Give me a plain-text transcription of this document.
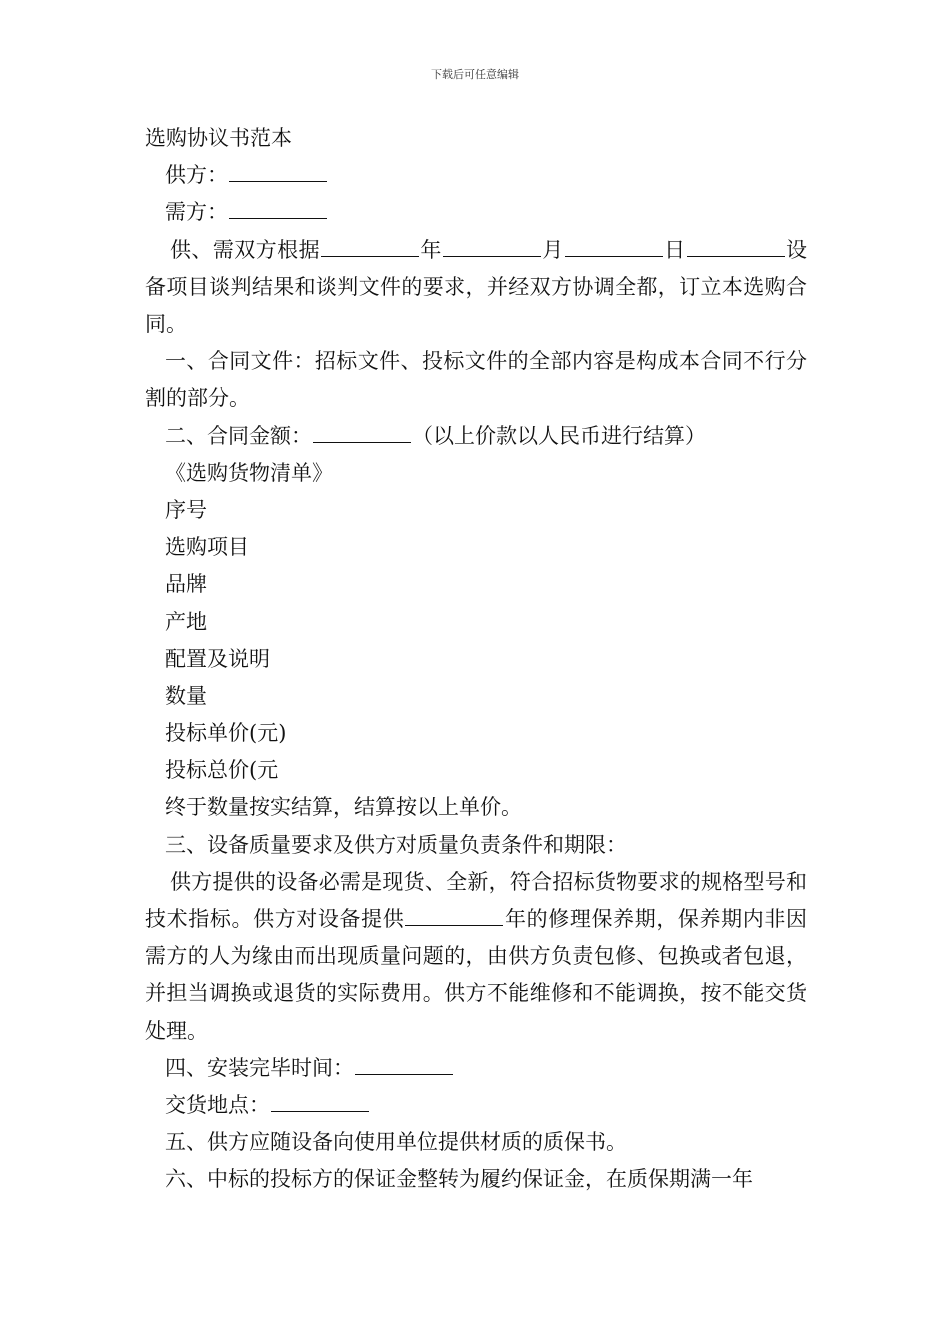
下载后可任意编辑
选购协议书范本
供方：
需方：
供、需双方根据	年	月	日	设备项目谈判结果和谈判文件的要求，并经双方协调全都，订立本选购合同。
一、合同文件：招标文件、投标文件的全部内容是构成本合同不行分割的部分。
二、合同金额：	（以上价款以人民币进行结算）
《选购货物清单》
序号
选购项目
品牌
产地
配置及说明
数量
投标单价(元)
投标总价(元
终于数量按实结算，结算按以上单价。
三、设备质量要求及供方对质量负责条件和期限：
供方提供的设备必需是现货、全新，符合招标货物要求的规格型号和技术指标。供方对设备提供	年的修理保养期，保养期内非因需方的人为缘由而出现质量问题的，由供方负责包修、包换或者包退，并担当调换或退货的实际费用。供方不能维修和不能调换，按不能交货处理。
四、安装完毕时间：
交货地点：
五、供方应随设备向使用单位提供材质的质保书。
六、中标的投标方的保证金整转为履约保证金，在质保期满一年
